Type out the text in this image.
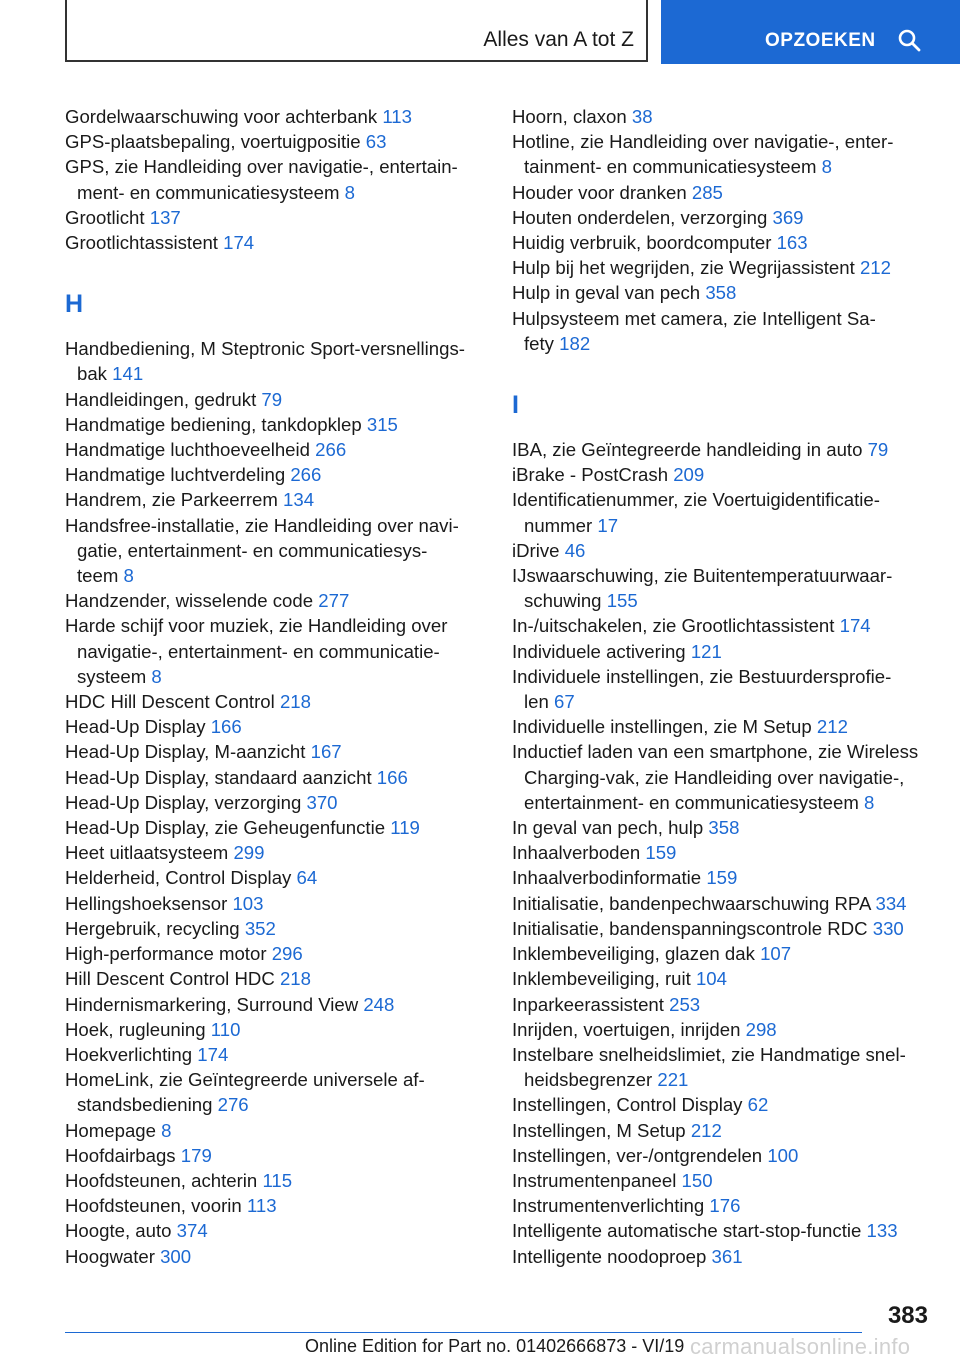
Alles van A tot Z	OPZOEKEN
Gordelwaarschuwing voor achterbank 113
GPS-plaatsbepaling, voertuigpositie 63
GPS, zie Handleiding over navigatie-, entertain-
ment- en communicatiesysteem 8
Grootlicht 137
Grootlichtassistent 174
H
Handbediening, M Steptronic Sport-versnellings-
bak 141
Handleidingen, gedrukt 79
Handmatige bediening, tankdopklep 315
Handmatige luchthoeveelheid 266
Handmatige luchtverdeling 266
Handrem, zie Parkeerrem 134
Handsfree-installatie, zie Handleiding over navi-
gatie, entertainment- en communicatiesys-
teem 8
Handzender, wisselende code 277
Harde schijf voor muziek, zie Handleiding over
navigatie-, entertainment- en communicatie-
systeem 8
HDC Hill Descent Control 218
Head-Up Display 166
Head-Up Display, M-aanzicht 167
Head-Up Display, standaard aanzicht 166
Head-Up Display, verzorging 370
Head-Up Display, zie Geheugenfunctie 119
Heet uitlaatsysteem 299
Helderheid, Control Display 64
Hellingshoeksensor 103
Hergebruik, recycling 352
High-performance motor 296
Hill Descent Control HDC 218
Hindernismarkering, Surround View 248
Hoek, rugleuning 110
Hoekverlichting 174
HomeLink, zie Geïntegreerde universele af-
standsbediening 276
Homepage 8
Hoofdairbags 179
Hoofdsteunen, achterin 115
Hoofdsteunen, voorin 113
Hoogte, auto 374
Hoogwater 300
Hoorn, claxon 38
Hotline, zie Handleiding over navigatie-, enter-
tainment- en communicatiesysteem 8
Houder voor dranken 285
Houten onderdelen, verzorging 369
Huidig verbruik, boordcomputer 163
Hulp bij het wegrijden, zie Wegrijassistent 212
Hulp in geval van pech 358
Hulpsysteem met camera, zie Intelligent Sa-
fety 182
I
IBA, zie Geïntegreerde handleiding in auto 79
iBrake - PostCrash 209
Identificatienummer, zie Voertuigidentificatie-
nummer 17
iDrive 46
IJswaarschuwing, zie Buitentemperatuurwaar-
schuwing 155
In-/uitschakelen, zie Grootlichtassistent 174
Individuele activering 121
Individuele instellingen, zie Bestuurdersprofie-
len 67
Individuelle instellingen, zie M Setup 212
Inductief laden van een smartphone, zie Wireless
Charging-vak, zie Handleiding over navigatie-,
entertainment- en communicatiesysteem 8
In geval van pech, hulp 358
Inhaalverboden 159
Inhaalverbodinformatie 159
Initialisatie, bandenpechwaarschuwing RPA 334
Initialisatie, bandenspanningscontrole RDC 330
Inklembeveiliging, glazen dak 107
Inklembeveiliging, ruit 104
Inparkeerassistent 253
Inrijden, voertuigen, inrijden 298
Instelbare snelheidslimiet, zie Handmatige snel-
heidsbegrenzer 221
Instellingen, Control Display 62
Instellingen, M Setup 212
Instellingen, ver-/ontgrendelen 100
Instrumentenpaneel 150
Instrumentenverlichting 176
Intelligente automatische start-stop-functie 133
Intelligente noodoproep 361
383
Online Edition for Part no. 01402666873 - VI/19 carmanualsonline.info
